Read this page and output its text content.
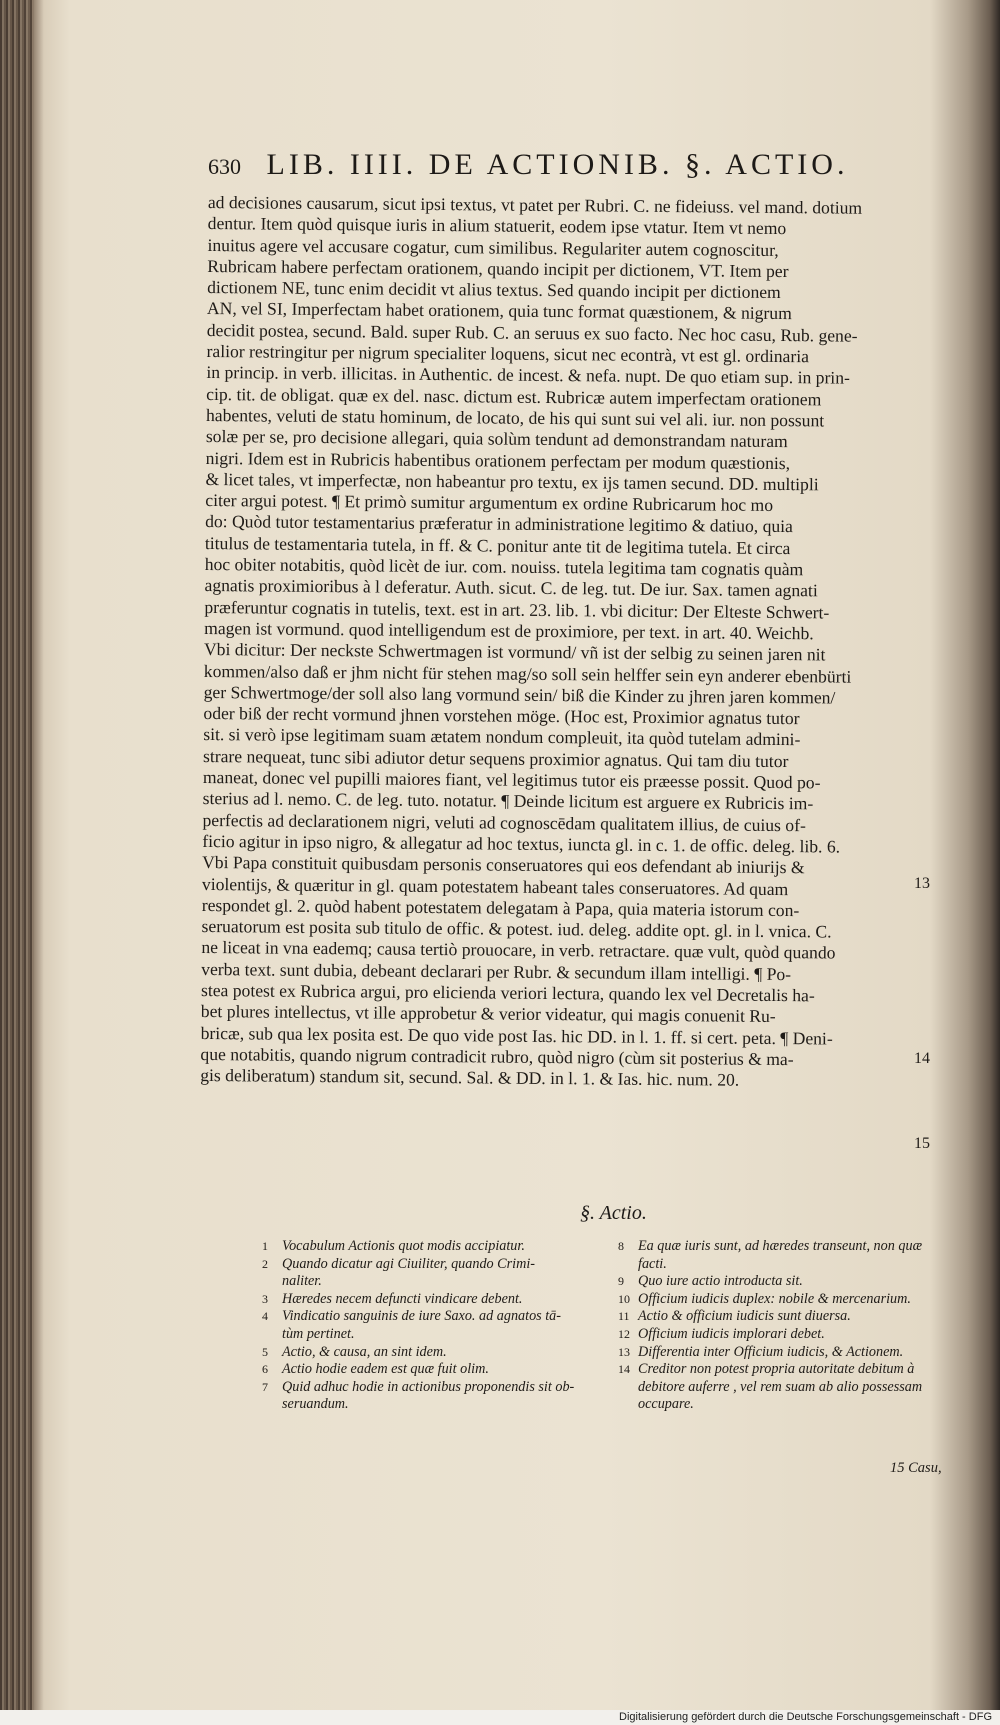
630 LIB. IIII. DE ACTIONIB. §. ACTIO.
ad decisiones causarum, sicut ipsi textus, vt patet per Rubri. C. ne fideiuss. vel mand. dotium
dentur. Item quòd quisque iuris in alium statuerit, eodem ipse vtatur. Item vt nemo
inuitus agere vel accusare cogatur, cum similibus. Regulariter autem cognoscitur,
Rubricam habere perfectam orationem, quando incipit per dictionem, VT. Item per
dictionem NE, tunc enim decidit vt alius textus. Sed quando incipit per dictionem
AN, vel SI, Imperfectam habet orationem, quia tunc format quæstionem, & nigrum
decidit postea, secund. Bald. super Rub. C. an seruus ex suo facto. Nec hoc casu, Rub. gene-
ralior restringitur per nigrum specialiter loquens, sicut nec econtrà, vt est gl. ordinaria
in princip. in verb. illicitas. in Authentic. de incest. & nefa. nupt. De quo etiam sup. in prin-
cip. tit. de obligat. quæ ex del. nasc. dictum est. Rubricæ autem imperfectam orationem
habentes, veluti de statu hominum, de locato, de his qui sunt sui vel ali. iur. non possunt
solæ per se, pro decisione allegari, quia solùm tendunt ad demonstrandam naturam
nigri. Idem est in Rubricis habentibus orationem perfectam per modum quæstionis,
& licet tales, vt imperfectæ, non habeantur pro textu, ex ijs tamen secund. DD. multipli
citer argui potest. ¶ Et primò sumitur argumentum ex ordine Rubricarum hoc mo
do: Quòd tutor testamentarius præferatur in administratione legitimo & datiuo, quia
titulus de testamentaria tutela, in ff. & C. ponitur ante tit de legitima tutela. Et circa
hoc obiter notabitis, quòd licèt de iur. com. nouiss. tutela legitima tam cognatis quàm
agnatis proximioribus à l deferatur. Auth. sicut. C. de leg. tut. De iur. Sax. tamen agnati
præferuntur cognatis in tutelis, text. est in art. 23. lib. 1. vbi dicitur: Der Elteste Schwert-
magen ist vormund. quod intelligendum est de proximiore, per text. in art. 40. Weichb.
Vbi dicitur: Der neckste Schwertmagen ist vormund/ vñ ist der selbig zu seinen jaren nit
kommen/also daß er jhm nicht für stehen mag/so soll sein helffer sein eyn anderer ebenbürti
ger Schwertmoge/der soll also lang vormund sein/ biß die Kinder zu jhren jaren kommen/
oder biß der recht vormund jhnen vorstehen möge. (Hoc est, Proximior agnatus tutor
sit. si verò ipse legitimam suam ætatem nondum compleuit, ita quòd tutelam admini-
strare nequeat, tunc sibi adiutor detur sequens proximior agnatus. Qui tam diu tutor
maneat, donec vel pupilli maiores fiant, vel legitimus tutor eis præesse possit. Quod po-
sterius ad l. nemo. C. de leg. tuto. notatur. ¶ Deinde licitum est arguere ex Rubricis im-
perfectis ad declarationem nigri, veluti ad cognoscēdam qualitatem illius, de cuius of-
ficio agitur in ipso nigro, & allegatur ad hoc textus, iuncta gl. in c. 1. de offic. deleg. lib. 6.
Vbi Papa constituit quibusdam personis conseruatores qui eos defendant ab iniurijs &
violentijs, & quæritur in gl. quam potestatem habeant tales conseruatores. Ad quam
respondet gl. 2. quòd habent potestatem delegatam à Papa, quia materia istorum con-
seruatorum est posita sub titulo de offic. & potest. iud. deleg. addite opt. gl. in l. vnica. C.
ne liceat in vna eademq; causa tertiò prouocare, in verb. retractare. quæ vult, quòd quando
verba text. sunt dubia, debeant declarari per Rubr. & secundum illam intelligi. ¶ Po-
stea potest ex Rubrica argui, pro elicienda veriori lectura, quando lex vel Decretalis ha-
bet plures intellectus, vt ille approbetur & verior videatur, qui magis conuenit Ru-
bricæ, sub qua lex posita est. De quo vide post Ias. hic DD. in l. 1. ff. si cert. peta. ¶ Deni-
que notabitis, quando nigrum contradicit rubro, quòd nigro (cùm sit posterius & ma-
gis deliberatum) standum sit, secund. Sal. & DD. in l. 1. & Ias. hic. num. 20.
13
14
15
§. Actio.
1 Vocabulum Actionis quot modis accipiatur.
2 Quando dicatur agi Ciuiliter, quando Crimi-
naliter.
3 Hæredes necem defuncti vindicare debent.
4 Vindicatio sanguinis de iure Saxo. ad agnatos tā-
tùm pertinet.
5 Actio, & causa, an sint idem.
6 Actio hodie eadem est quæ fuit olim.
7 Quid adhuc hodie in actionibus proponendis sit ob-
seruandum.
8 Ea quæ iuris sunt, ad hæredes transeunt, non quæ
facti.
9 Quo iure actio introducta sit.
10 Officium iudicis duplex: nobile & mercenarium.
11 Actio & officium iudicis sunt diuersa.
12 Officium iudicis implorari debet.
13 Differentia inter Officium iudicis, & Actionem.
14 Creditor non potest propria autoritate debitum à
debitore auferre , vel rem suam ab alio possessam
occupare.
15 Casu,
Digitalisierung gefördert durch die Deutsche Forschungsgemeinschaft - DFG
